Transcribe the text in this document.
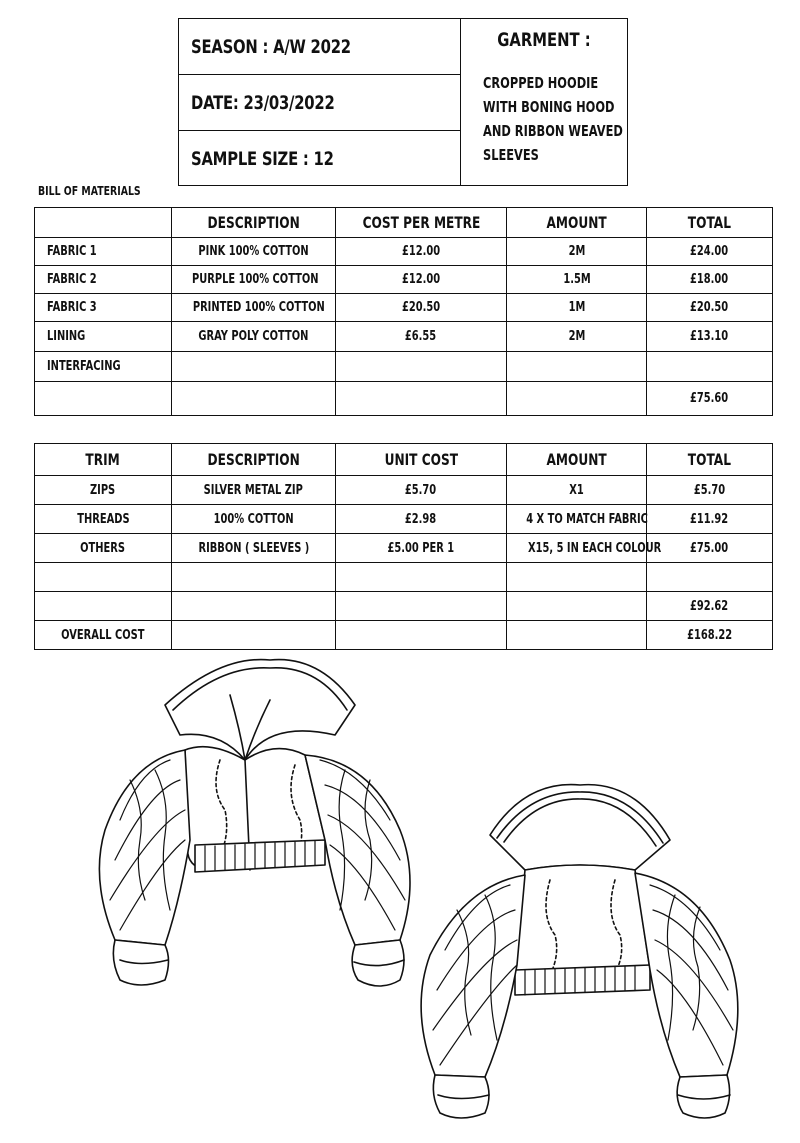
SEASON : A/W 2022
DATE: 23/03/2022
SAMPLE SIZE : 12
GARMENT :
CROPPED HOODIE
WITH BONING HOOD
AND RIBBON WEAVED
SLEEVES
BILL OF MATERIALS
	DESCRIPTION	COST PER METRE	AMOUNT	TOTAL
FABRIC 1	PINK 100% COTTON	£12.00	2M	£24.00
FABRIC 2	PURPLE 100% COTTON	£12.00	1.5M	£18.00
FABRIC 3	PRINTED 100% COTTON	£20.50	1M	£20.50
LINING	GRAY POLY COTTON	£6.55	2M	£13.10
INTERFACING				
				£75.60
TRIM	DESCRIPTION	UNIT COST	AMOUNT	TOTAL
ZIPS	SILVER METAL ZIP	£5.70	X1	£5.70
THREADS	100% COTTON	£2.98	4 X TO MATCH FABRIC	£11.92
OTHERS	RIBBON ( SLEEVES )	£5.00 PER 1	X15, 5 IN EACH COLOUR	£75.00

				£92.62
OVERALL COST				£168.22
